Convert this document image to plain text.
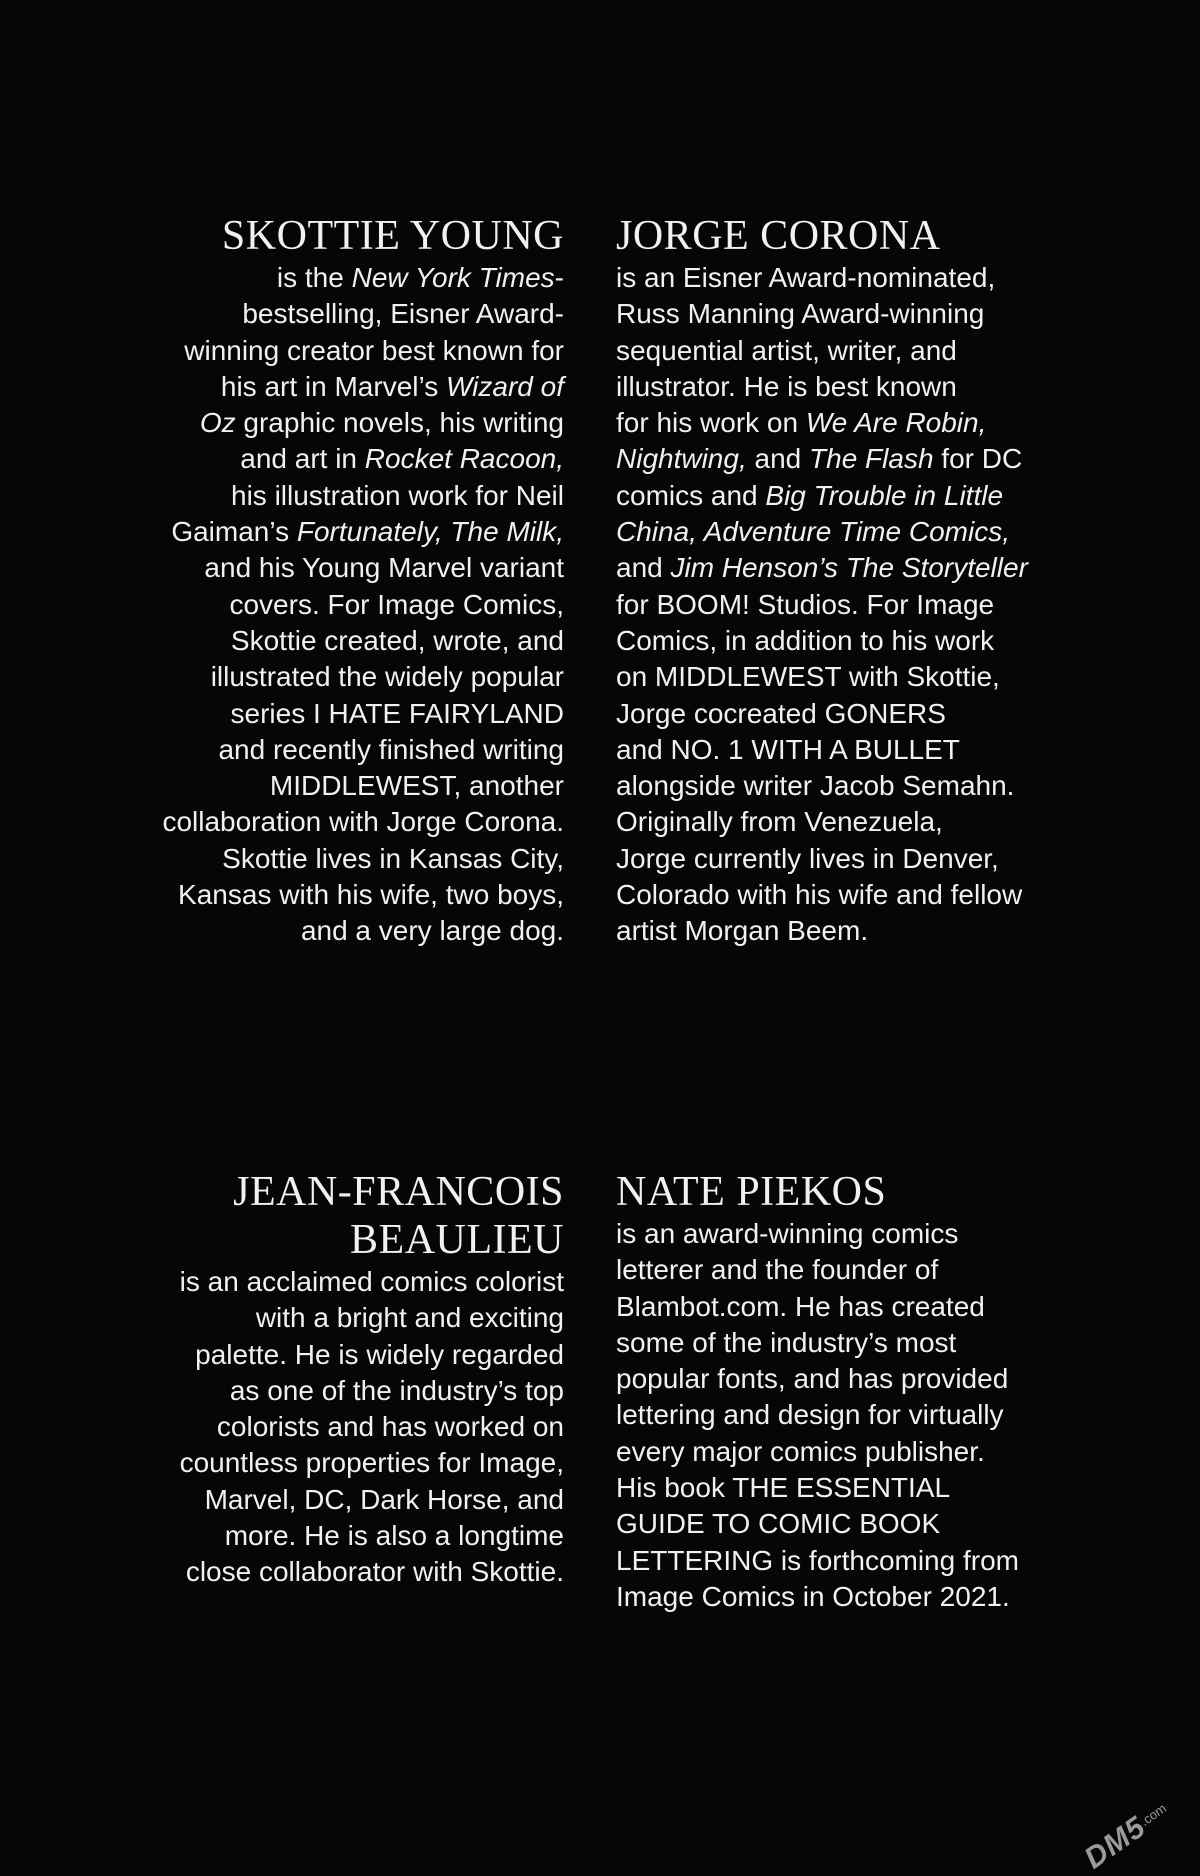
SKOTTIE YOUNG

is the New York Times-
bestselling, Eisner Award-
winning creator best known for
his art in Marvel’s Wizard of
Oz graphic novels, his writing
and art in Rocket Racoon,
his illustration work for Neil
Gaiman’s Fortunately, The Milk,
and his Young Marvel variant
covers. For Image Comics,
Skottie created, wrote, and
illustrated the widely popular
series I HATE FAIRYLAND
and recently finished writing
MIDDLEWEST, another
collaboration with Jorge Corona.
Skottie lives in Kansas City,
Kansas with his wife, two boys,
and a very large dog.

JORGE CORONA

is an Eisner Award-nominated,
Russ Manning Award-winning
sequential artist, writer, and
illustrator. He is best known
for his work on We Are Robin,
Nightwing, and The Flash for DC
comics and Big Trouble in Little
China, Adventure Time Comics,
and Jim Henson’s The Storyteller
for BOOM! Studios. For Image
Comics, in addition to his work
on MIDDLEWEST with Skottie,
Jorge cocreated GONERS
and NO. 1 WITH A BULLET
alongside writer Jacob Semahn.
Originally from Venezuela,
Jorge currently lives in Denver,
Colorado with his wife and fellow
artist Morgan Beem.

JEAN-FRANCOIS
BEAULIEU

is an acclaimed comics colorist
with a bright and exciting
palette. He is widely regarded
as one of the industry’s top
colorists and has worked on
countless properties for Image,
Marvel, DC, Dark Horse, and
more. He is also a longtime
close collaborator with Skottie.

NATE PIEKOS

is an award-winning comics
letterer and the founder of
Blambot.com. He has created
some of the industry’s most
popular fonts, and has provided
lettering and design for virtually
every major comics publisher.
His book THE ESSENTIAL
GUIDE TO COMIC BOOK
LETTERING is forthcoming from
Image Comics in October 2021.

$DM5^{.com}$
